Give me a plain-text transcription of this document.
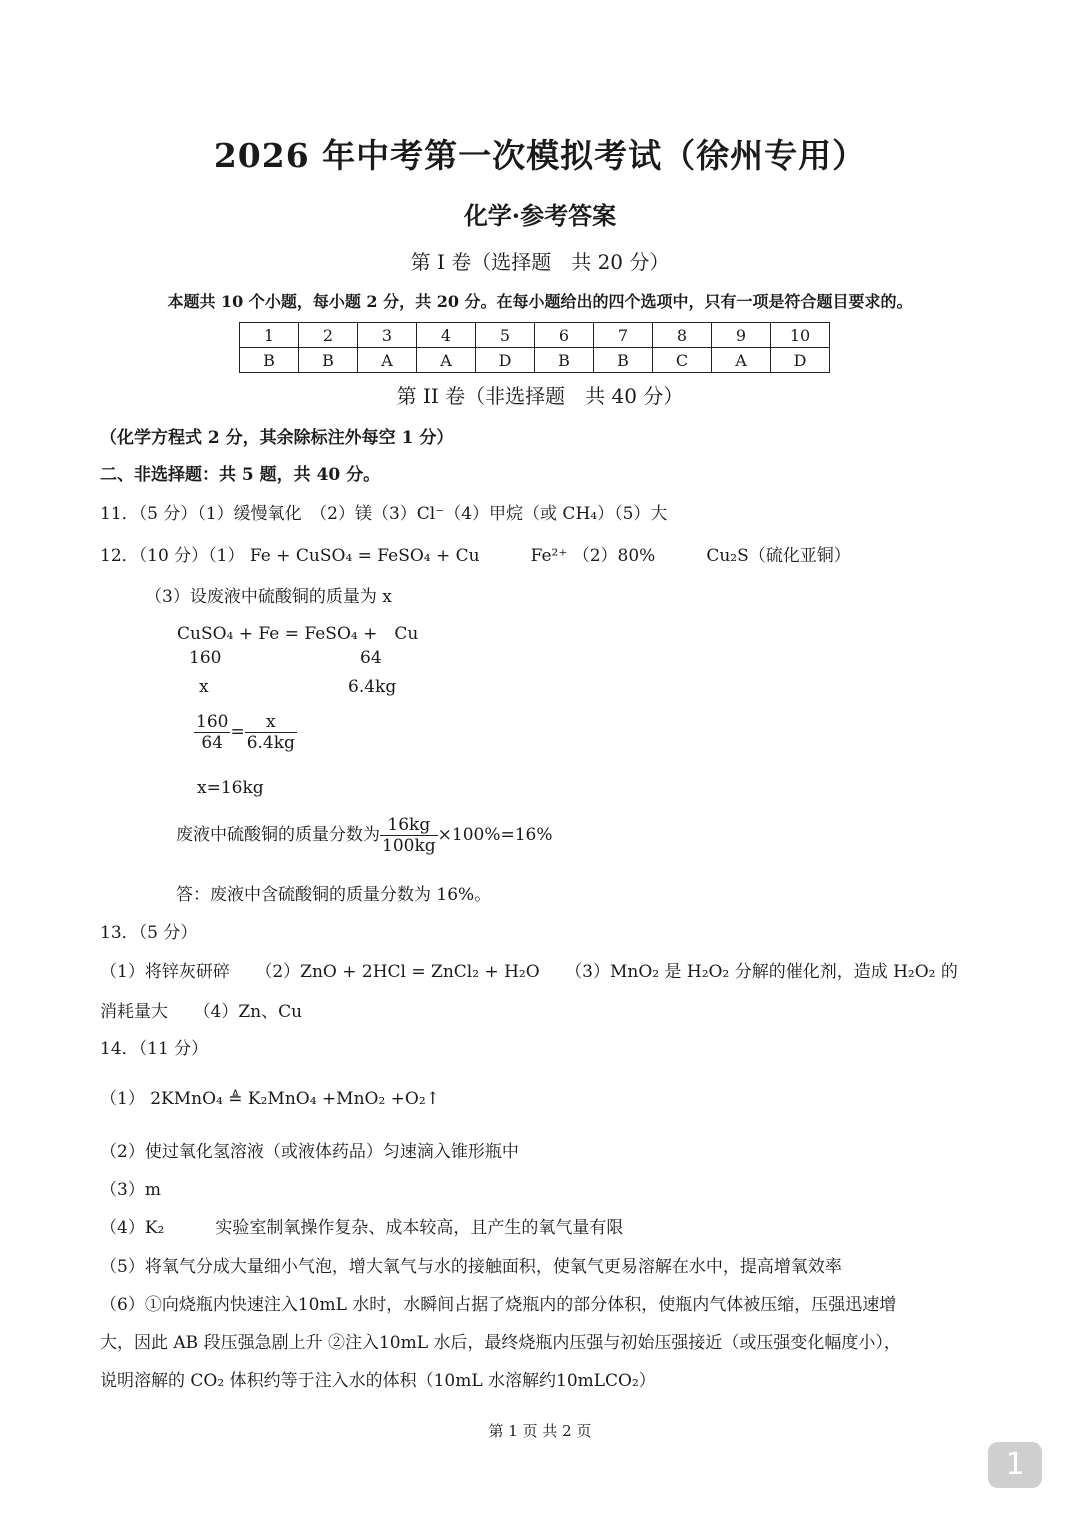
2026 年中考第一次模拟考试（徐州专用）
化学·参考答案
第 I 卷（选择题　共 20 分）
本题共 10 个小题，每小题 2 分，共 20 分。在每小题给出的四个选项中，只有一项是符合题目要求的。
1	2	3	4	5	6	7	8	9	10
B	B	A	A	D	B	B	C	A	D
第 II 卷（非选择题　共 40 分）
（化学方程式 2 分，其余除标注外每空 1 分）
二、非选择题：共 5 题，共 40 分。
11．（5 分）（1）缓慢氧化　（2）镁（3）Cl⁻（4）甲烷（或 CH₄）（5）大
12．（10 分）（1） Fe + CuSO₄ = FeSO₄ + Cu　　　Fe²⁺ （2）80%　　　Cu₂S（硫化亚铜）
（3）设废液中硫酸铜的质量为 x
CuSO₄ + Fe = FeSO₄ +　Cu
160	64
x	6.4kg
$\frac{160}{64} = \frac{x}{6.4kg}$
x=16kg
废液中硫酸铜的质量分数为 $\frac{16kg}{100kg} \times 100\%=16\%$
答：废液中含硫酸铜的质量分数为 16%。
13．（5 分）
（1）将锌灰研碎　　（2）ZnO + 2HCl = ZnCl₂ + H₂O　　（3）MnO₂ 是 H₂O₂ 分解的催化剂，造成 H₂O₂ 的
消耗量大　　（4）Zn、Cu
14．（11 分）
（1） 2KMnO₄ ≜ K₂MnO₄ +MnO₂ +O₂↑
（2）使过氧化氢溶液（或液体药品）匀速滴入锥形瓶中
（3）m
（4）K₂　　　实验室制氧操作复杂、成本较高，且产生的氧气量有限
（5）将氧气分成大量细小气泡，增大氧气与水的接触面积，使氧气更易溶解在水中，提高增氧效率
（6）①向烧瓶内快速注入10mL 水时，水瞬间占据了烧瓶内的部分体积，使瓶内气体被压缩，压强迅速增
大，因此 AB 段压强急剧上升 ②注入10mL 水后，最终烧瓶内压强与初始压强接近（或压强变化幅度小），
说明溶解的 CO₂ 体积约等于注入水的体积（10mL 水溶解约10mLCO₂）
第 1 页 共 2 页
1
